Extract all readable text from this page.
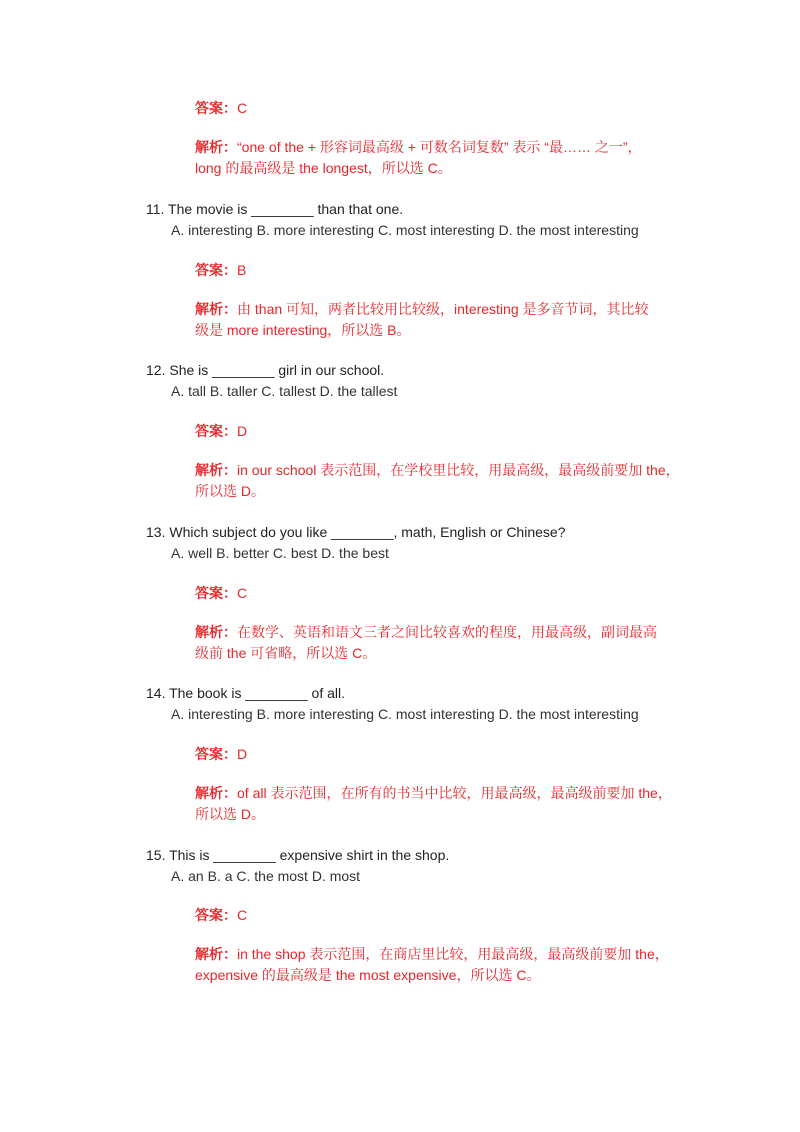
答案：C
解析：“one of the + 形容词最高级 + 可数名词复数” 表示 “最…… 之一”，
long 的最高级是 the longest，所以选 C。
11. The movie is ________ than that one.
A. interesting B. more interesting C. most interesting D. the most interesting
答案：B
解析：由 than 可知，两者比较用比较级，interesting 是多音节词，其比较
级是 more interesting，所以选 B。
12. She is ________ girl in our school.
A. tall B. taller C. tallest D. the tallest
答案：D
解析：in our school 表示范围，在学校里比较，用最高级，最高级前要加 the，
所以选 D。
13. Which subject do you like ________, math, English or Chinese?
A. well B. better C. best D. the best
答案：C
解析：在数学、英语和语文三者之间比较喜欢的程度，用最高级，副词最高
级前 the 可省略，所以选 C。
14. The book is ________ of all.
A. interesting B. more interesting C. most interesting D. the most interesting
答案：D
解析：of all 表示范围，在所有的书当中比较，用最高级，最高级前要加 the，
所以选 D。
15. This is ________ expensive shirt in the shop.
A. an B. a C. the most D. most
答案：C
解析：in the shop 表示范围，在商店里比较，用最高级，最高级前要加 the，
expensive 的最高级是 the most expensive，所以选 C。
